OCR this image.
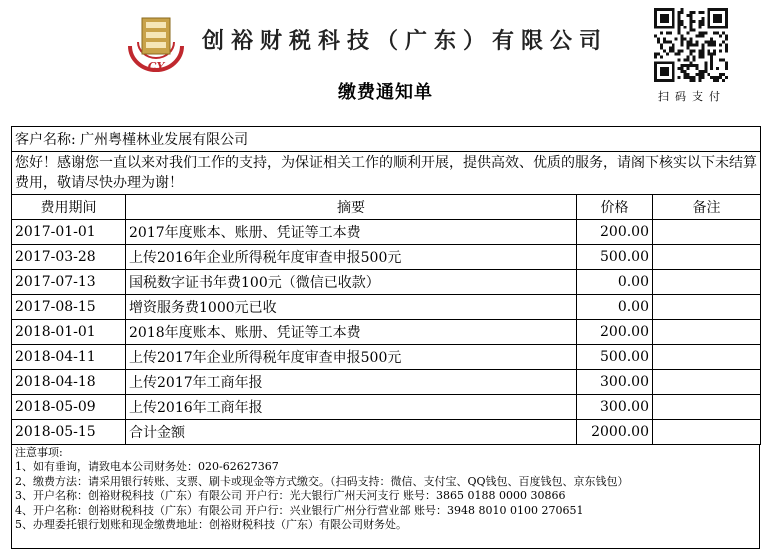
CY
创裕财税科技（广东）有限公司
缴费通知单	扫码支付
客户名称: 广州粤槿林业发展有限公司			
您好！感谢您一直以来对我们工作的支持，为保证相关工作的顺利开展，提供高效、优质的服务，请阁下核实以下未结算费用，敬请尽快办理为谢！			
费用期间	摘要	价格	备注
2017-01-01	2017年度账本、账册、凭证等工本费	200.00	
2017-03-28	上传2016年企业所得税年度审查申报500元	500.00	
2017-07-13	国税数字证书年费100元（微信已收款）	0.00	
2017-08-15	增资服务费1000元已收	0.00	
2018-01-01	2018年度账本、账册、凭证等工本费	200.00	
2018-04-11	上传2017年企业所得税年度审查申报500元	500.00	
2018-04-18	上传2017年工商年报	300.00	
2018-05-09	上传2016年工商年报	300.00	
2018-05-15	合计金额	2000.00	
注意事项:
1、如有垂询，请致电本公司财务处：020-62627367
2、缴费方法：请采用银行转账、支票、刷卡或现金等方式缴交。（扫码支持：微信、支付宝、QQ钱包、百度钱包、京东钱包）
3、开户名称：创裕财税科技（广东）有限公司 开户行：光大银行广州天河支行 账号：3865 0188 0000 30866
4、开户名称：创裕财税科技（广东）有限公司 开户行：兴业银行广州分行营业部 账号：3948 8010 0100 270651
5、办理委托银行划账和现金缴费地址：创裕财税科技（广东）有限公司财务处。
